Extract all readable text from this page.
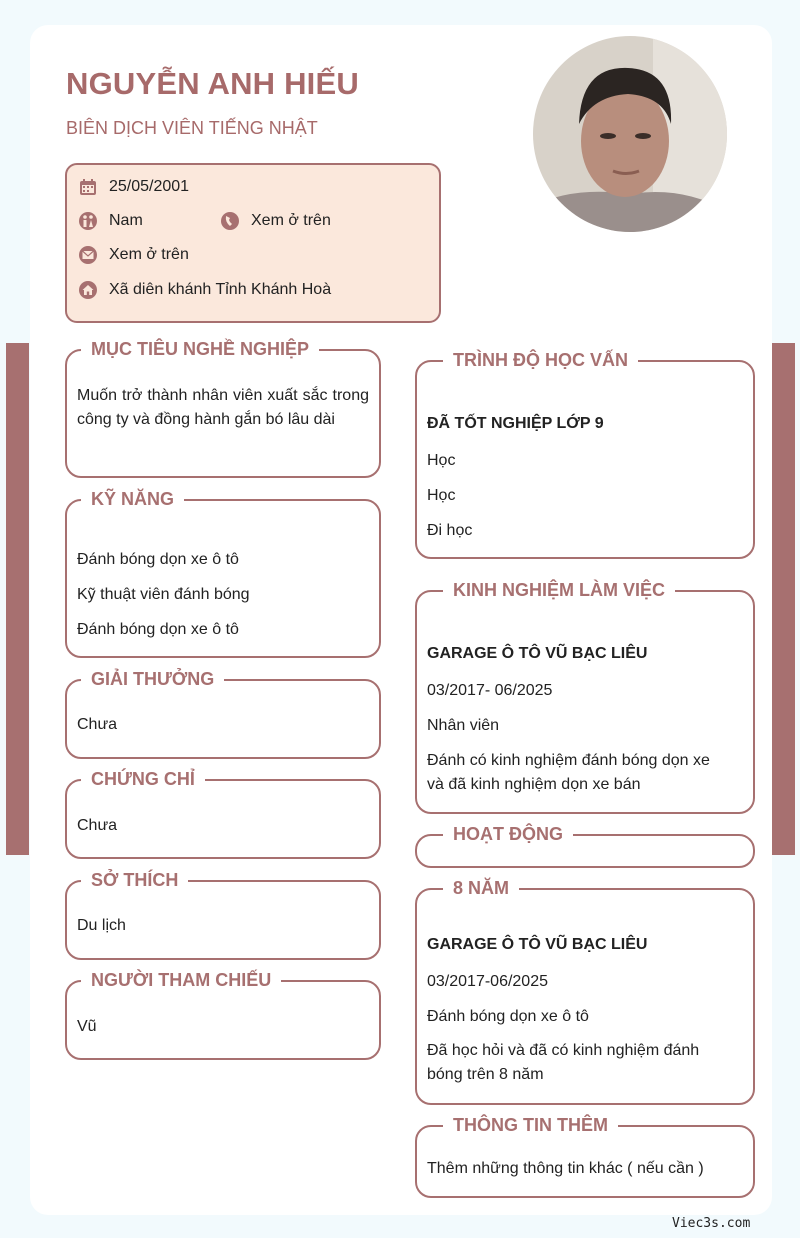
NGUYỄN ANH HIẾU
BIÊN DỊCH VIÊN TIẾNG NHẬT
25/05/2001
Nam	Xem ở trên
Xem ở trên
Xã diên khánh Tỉnh Khánh Hoà
MỤC TIÊU NGHỀ NGHIỆP
Muốn trở thành nhân viên xuất sắc trong công ty và đồng hành gắn bó lâu dài
KỸ NĂNG
Đánh bóng dọn xe ô tô
Kỹ thuật viên đánh bóng
Đánh bóng dọn xe ô tô
GIẢI THƯỞNG
Chưa
CHỨNG CHỈ
Chưa
SỞ THÍCH
Du lịch
NGƯỜI THAM CHIẾU
Vũ
TRÌNH ĐỘ HỌC VẤN
ĐÃ TỐT NGHIỆP LỚP 9
Học
Học
Đi học
KINH NGHIỆM LÀM VIỆC
GARAGE Ô TÔ VŨ BẠC LIÊU
03/2017- 06/2025
Nhân viên
Đánh có kinh nghiệm đánh bóng dọn xe và đã kinh nghiệm dọn xe bán
HOẠT ĐỘNG
8 NĂM
GARAGE Ô TÔ VŨ BẠC LIÊU
03/2017-06/2025
Đánh bóng dọn xe ô tô
Đã học hỏi và đã có kinh nghiệm đánh bóng trên 8 năm
THÔNG TIN THÊM
Thêm những thông tin khác ( nếu cần )
Viec3s.com
